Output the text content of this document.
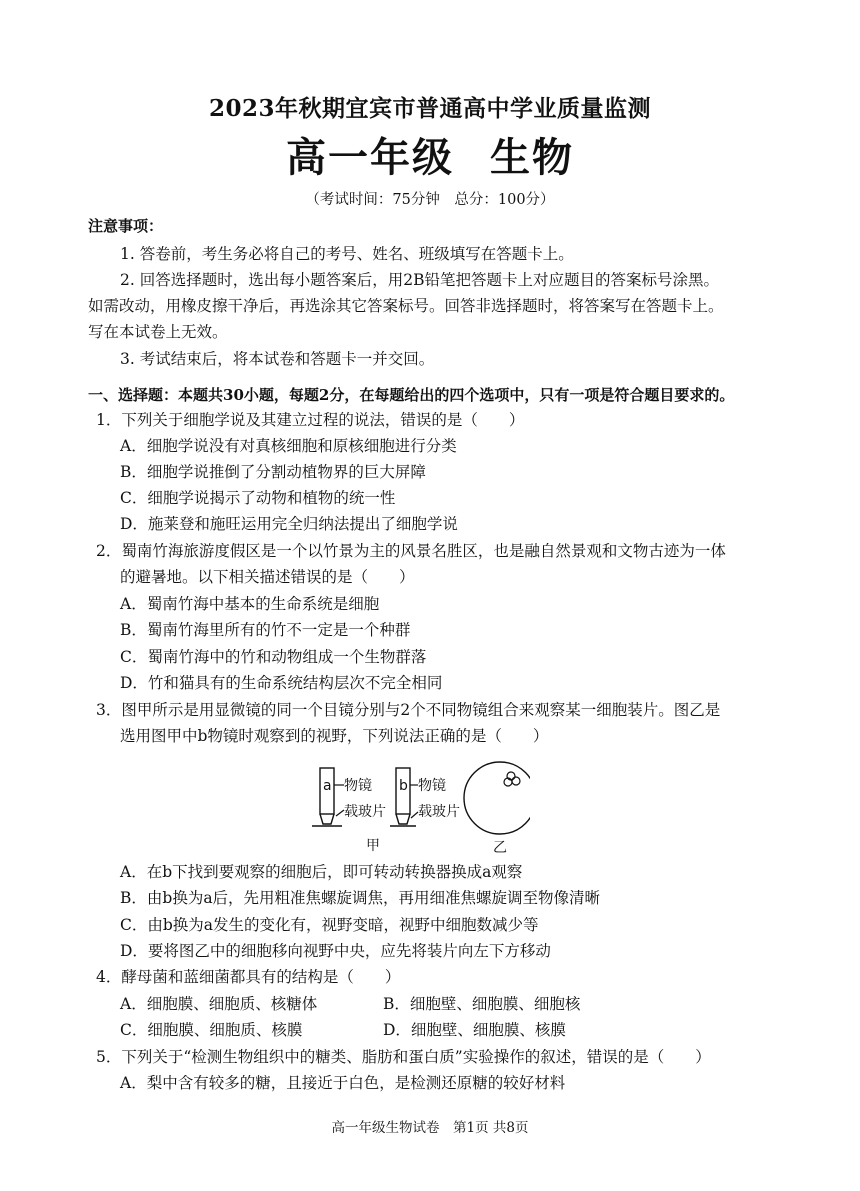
2023年秋期宜宾市普通高中学业质量监测
高一年级 生物
（考试时间：75分钟　总分：100分）
注意事项：
1. 答卷前，考生务必将自己的考号、姓名、班级填写在答题卡上。
2. 回答选择题时，选出每小题答案后，用2B铅笔把答题卡上对应题目的答案标号涂黑。
如需改动，用橡皮擦干净后，再选涂其它答案标号。回答非选择题时，将答案写在答题卡上。
写在本试卷上无效。
3. 考试结束后，将本试卷和答题卡一并交回。
一、选择题：本题共30小题，每题2分，在每题给出的四个选项中，只有一项是符合题目要求的。
1．下列关于细胞学说及其建立过程的说法，错误的是（　　）
A．细胞学说没有对真核细胞和原核细胞进行分类
B．细胞学说推倒了分割动植物界的巨大屏障
C．细胞学说揭示了动物和植物的统一性
D．施莱登和施旺运用完全归纳法提出了细胞学说
2．蜀南竹海旅游度假区是一个以竹景为主的风景名胜区，也是融自然景观和文物古迹为一体
的避暑地。以下相关描述错误的是（　　）
A．蜀南竹海中基本的生命系统是细胞
B．蜀南竹海里所有的竹不一定是一个种群
C．蜀南竹海中的竹和动物组成一个生物群落
D．竹和猫具有的生命系统结构层次不完全相同
3．图甲所示是用显微镜的同一个目镜分别与2个不同物镜组合来观察某一细胞装片。图乙是
选用图甲中b物镜时观察到的视野，下列说法正确的是（　　）
a 物镜
载玻片
b 物镜
载玻片
甲	乙
A．在b下找到要观察的细胞后，即可转动转换器换成a观察
B．由b换为a后，先用粗准焦螺旋调焦，再用细准焦螺旋调至物像清晰
C．由b换为a发生的变化有，视野变暗，视野中细胞数减少等
D．要将图乙中的细胞移向视野中央，应先将装片向左下方移动
4．酵母菌和蓝细菌都具有的结构是（　　）
A．细胞膜、细胞质、核糖体	B．细胞壁、细胞膜、细胞核
C．细胞膜、细胞质、核膜	D．细胞壁、细胞膜、核膜
5．下列关于“检测生物组织中的糖类、脂肪和蛋白质”实验操作的叙述，错误的是（　　）
A．梨中含有较多的糖，且接近于白色，是检测还原糖的较好材料
高一年级生物试卷　第1页 共8页
